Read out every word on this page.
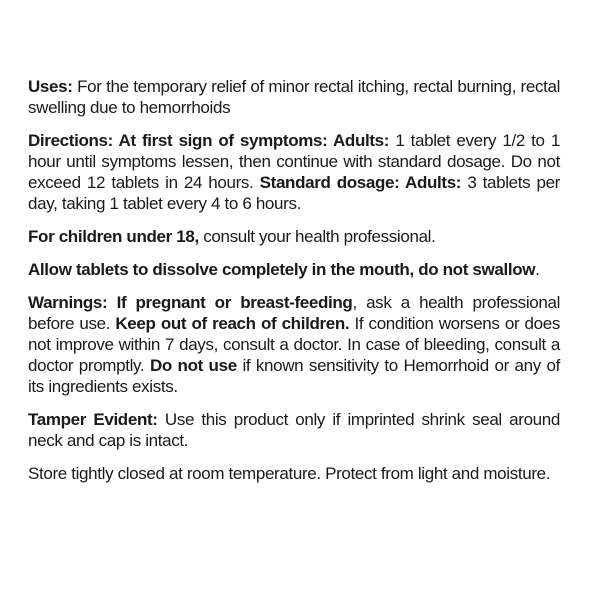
Uses: For the temporary relief of minor rectal itching, rectal burning, rectal swelling due to hemorrhoids

Directions: At first sign of symptoms: Adults: 1 tablet every 1/2 to 1 hour until symptoms lessen, then continue with standard dosage. Do not exceed 12 tablets in 24 hours. Standard dosage: Adults: 3 tablets per day, taking 1 tablet every 4 to 6 hours.

For children under 18, consult your health professional.

Allow tablets to dissolve completely in the mouth, do not swallow.

Warnings: If pregnant or breast-feeding, ask a health professional before use. Keep out of reach of children. If condition worsens or does not improve within 7 days, consult a doctor. In case of bleeding, consult a doctor promptly. Do not use if known sensitivity to Hemorrhoid or any of its ingredients exists.

Tamper Evident: Use this product only if imprinted shrink seal around neck and cap is intact.

Store tightly closed at room temperature. Protect from light and moisture.
